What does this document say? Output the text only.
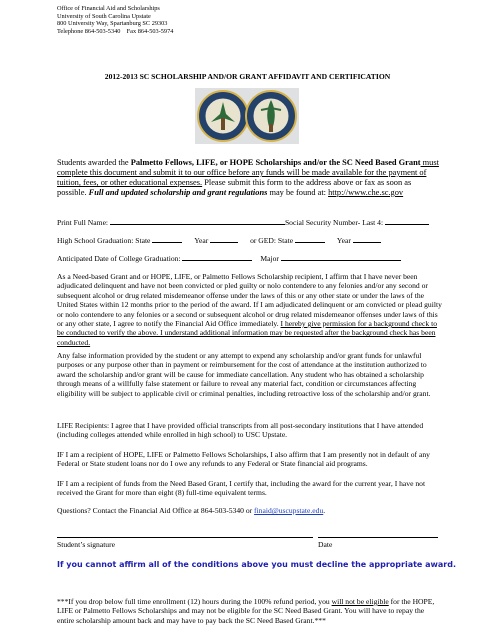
Office of Financial Aid and Scholarships
University of South Carolina Upstate
800 University Way, Spartanburg SC 29303
Telephone 864-503-5340    Fax 864-503-5974
2012-2013 SC SCHOLARSHIP AND/OR GRANT AFFIDAVIT AND CERTIFICATION
Students awarded the Palmetto Fellows, LIFE, or HOPE Scholarships and/or the SC Need Based Grant must complete this document and submit it to our office before any funds will be made available for the payment of tuition, fees, or other educational expenses. Please submit this form to the address above or fax as soon as possible. Full and updated scholarship and grant regulations may be found at: http://www.che.sc.gov
Print Full Name:	Social Security Number- Last 4:
High School Graduation: State	Year	or GED: State	Year
Anticipated Date of College Graduation:	Major
As a Need-based Grant and or HOPE, LIFE, or Palmetto Fellows Scholarship recipient, I affirm that I have never been adjudicated delinquent and have not been convicted or pled guilty or nolo contendere to any felonies and/or any second or subsequent alcohol or drug related misdemeanor offense under the laws of this or any other state or under the laws of the United States within 12 months prior to the period of the award. If I am adjudicated delinquent or am convicted or plead guilty or nolo contendere to any felonies or a second or subsequent alcohol or drug related misdemeanor offenses under laws of this or any other state, I agree to notify the Financial Aid Office immediately. I hereby give permission for a background check to be conducted to verify the above. I understand additional information may be requested after the background check has been conducted.
Any false information provided by the student or any attempt to expend any scholarship and/or grant funds for unlawful purposes or any purpose other than in payment or reimbursement for the cost of attendance at the institution authorized to award the scholarship and/or grant will be cause for immediate cancellation. Any student who has obtained a scholarship through means of a willfully false statement or failure to reveal any material fact, condition or circumstances affecting eligibility will be subject to applicable civil or criminal penalties, including retroactive loss of the scholarship and/or grant.
LIFE Recipients: I agree that I have provided official transcripts from all post-secondary institutions that I have attended (including colleges attended while enrolled in high school) to USC Upstate.
IF I am a recipient of HOPE, LIFE or Palmetto Fellows Scholarships, I also affirm that I am presently not in default of any Federal or State student loans nor do I owe any refunds to any Federal or State financial aid programs.
IF I am a recipient of funds from the Need Based Grant, I certify that, including the award for the current year, I have not received the Grant for more than eight (8) full-time equivalent terms.
Questions? Contact the Financial Aid Office at 864-503-5340 or finaid@uscupstate.edu.
Student’s signature	Date
If you cannot affirm all of the conditions above you must decline the appropriate award.
***If you drop below full time enrollment (12) hours during the 100% refund period, you will not be eligible for the HOPE, LIFE or Palmetto Fellows Scholarships and may not be eligible for the SC Need Based Grant. You will have to repay the entire scholarship amount back and may have to pay back the SC Need Based Grant.***
